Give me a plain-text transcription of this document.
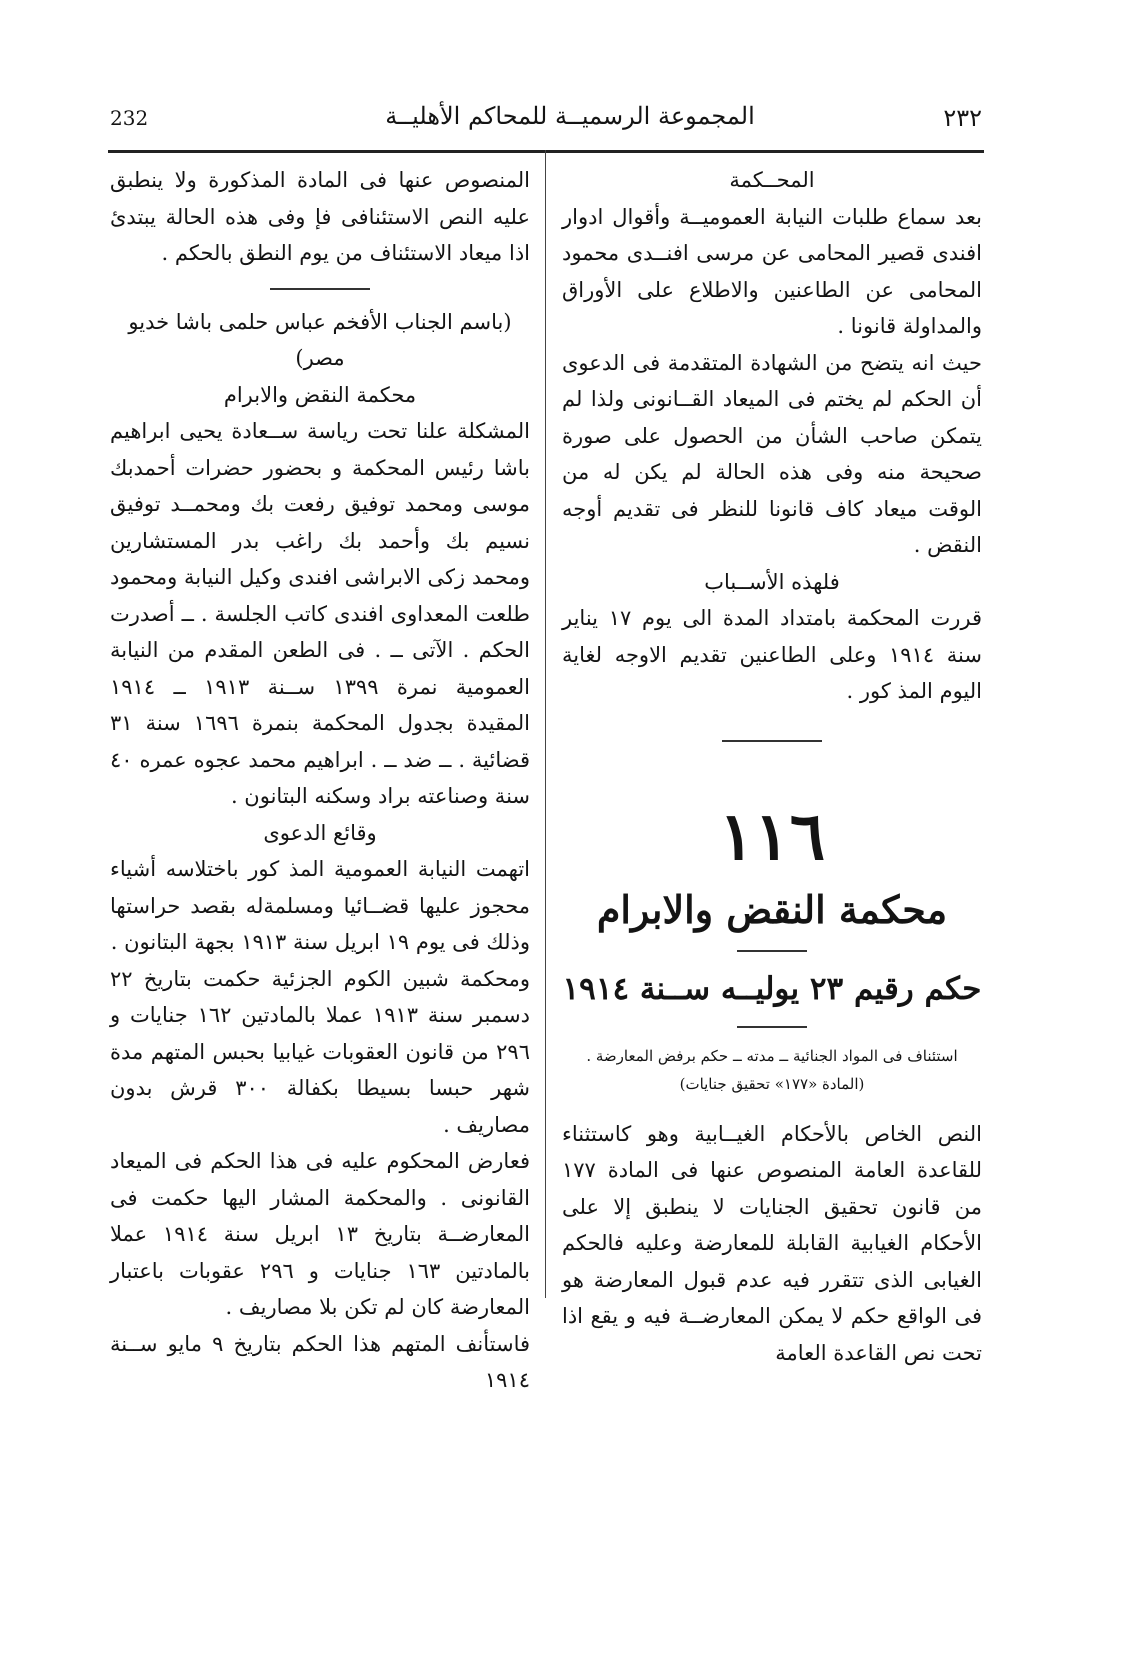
232	المجموعة الرسميــة للمحاكم الأهليــة	٢٣٢

المنصوص عنها فى المادة المذكورة ولا ينطبق عليه النص الاستئنافى فإ وفى هذه الحالة يبتدئ اذا ميعاد الاستئناف من يوم النطق بالحكم .

(باسم الجناب الأفخم عباس حلمى باشا خديو مصر)

محكمة النقض والابرام

المشكلة علنا تحت رياسة ســعادة يحيى ابراهيم باشا رئيس المحكمة و بحضور حضرات أحمدبك موسى ومحمد توفيق رفعت بك ومحمــد توفيق نسيم بك وأحمد بك راغب بدر المستشارين ومحمد زكى الابراشى افندى وكيل النيابة ومحمود طلعت المعداوى افندى كاتب الجلسة . ــ أصدرت الحكم . الآتى ــ . فى الطعن المقدم من النيابة العمومية نمرة ١٣٩٩ ســنة ١٩١٣ ــ ١٩١٤ المقيدة بجدول المحكمة بنمرة ١٦٩٦ سنة ٣١ قضائية . ــ ضد ــ . ابراهيم محمد عجوه عمره ٤٠ سنة وصناعته براد وسكنه البتانون .

وقائع الدعوى

اتهمت النيابة العمومية المذ كور باختلاسه أشياء محجوز عليها قضــائيا ومسلمةله بقصد حراستها وذلك فى يوم ١٩ ابريل سنة ١٩١٣ بجهة البتانون .

ومحكمة شبين الكوم الجزئية حكمت بتاريخ ٢٢ دسمبر سنة ١٩١٣ عملا بالمادتين ١٦٢ جنايات و ٢٩٦ من قانون العقوبات غيابيا بحبس المتهم مدة شهر حبسا بسيطا بكفالة ٣٠٠ قرش بدون مصاريف .

فعارض المحكوم عليه فى هذا الحكم فى الميعاد القانونى . والمحكمة المشار اليها حكمت فى المعارضــة بتاريخ ١٣ ابريل سنة ١٩١٤ عملا بالمادتين ١٦٣ جنايات و ٢٩٦ عقوبات باعتبار المعارضة كان لم تكن بلا مصاريف .

فاستأنف المتهم هذا الحكم بتاريخ ٩ مايو ســنة ١٩١٤

المحــكمة

بعد سماع طلبات النيابة العموميــة وأقوال ادوار افندى قصير المحامى عن مرسى افنــدى محمود المحامى عن الطاعنين والاطلاع على الأوراق والمداولة قانونا .

حيث انه يتضح من الشهادة المتقدمة فى الدعوى أن الحكم لم يختم فى الميعاد القــانونى ولذا لم يتمكن صاحب الشأن من الحصول على صورة صحيحة منه وفى هذه الحالة لم يكن له من الوقت ميعاد كاف قانونا للنظر فى تقديم أوجه النقض .

فلهذه الأســباب

قررت المحكمة بامتداد المدة الى يوم ١٧ يناير سنة ١٩١٤ وعلى الطاعنين تقديم الاوجه لغاية اليوم المذ كور .

١١٦
محكمة النقض والابرام
حكم رقيم ٢٣ يوليــه ســنة ١٩١٤
استئناف فى المواد الجنائية ــ مدته ــ حكم برفض المعارضة .
(المادة «١٧٧» تحقيق جنايات)

النص الخاص بالأحكام الغيــابية وهو كاستثناء للقاعدة العامة المنصوص عنها فى المادة ١٧٧ من قانون تحقيق الجنايات لا ينطبق إلا على الأحكام الغيابية القابلة للمعارضة وعليه فالحكم الغيابى الذى تتقرر فيه عدم قبول المعارضة هو فى الواقع حكم لا يمكن المعارضــة فيه و يقع اذا تحت نص القاعدة العامة
